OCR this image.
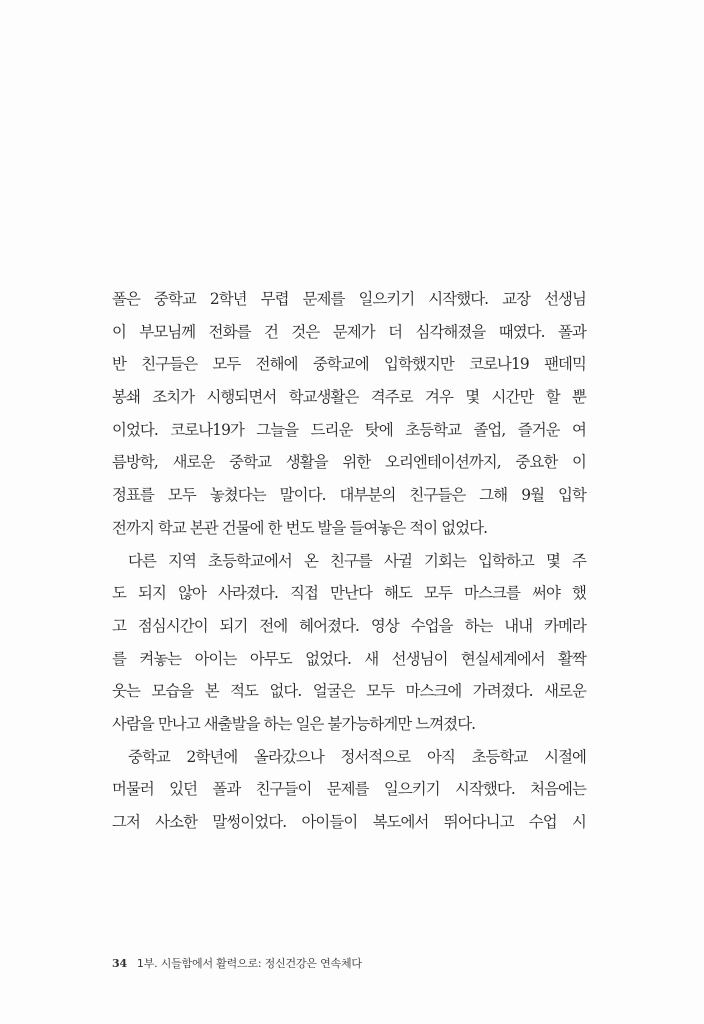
폴은 중학교 2학년 무렵 문제를 일으키기 시작했다. 교장 선생님
이 부모님께 전화를 건 것은 문제가 더 심각해졌을 때였다. 폴과
반 친구들은 모두 전해에 중학교에 입학했지만 코로나19 팬데믹
봉쇄 조치가 시행되면서 학교생활은 격주로 겨우 몇 시간만 할 뿐
이었다. 코로나19가 그늘을 드리운 탓에 초등학교 졸업, 즐거운 여
름방학, 새로운 중학교 생활을 위한 오리엔테이션까지, 중요한 이
정표를 모두 놓쳤다는 말이다. 대부분의 친구들은 그해 9월 입학
전까지 학교 본관 건물에 한 번도 발을 들여놓은 적이 없었다.
다른 지역 초등학교에서 온 친구를 사귈 기회는 입학하고 몇 주
도 되지 않아 사라졌다. 직접 만난다 해도 모두 마스크를 써야 했
고 점심시간이 되기 전에 헤어졌다. 영상 수업을 하는 내내 카메라
를 켜놓는 아이는 아무도 없었다. 새 선생님이 현실세계에서 활짝
웃는 모습을 본 적도 없다. 얼굴은 모두 마스크에 가려졌다. 새로운
사람을 만나고 새출발을 하는 일은 불가능하게만 느껴졌다.
중학교 2학년에 올라갔으나 정서적으로 아직 초등학교 시절에
머물러 있던 폴과 친구들이 문제를 일으키기 시작했다. 처음에는
그저 사소한 말썽이었다. 아이들이 복도에서 뛰어다니고 수업 시
34 1부. 시들함에서 활력으로: 정신건강은 연속체다
